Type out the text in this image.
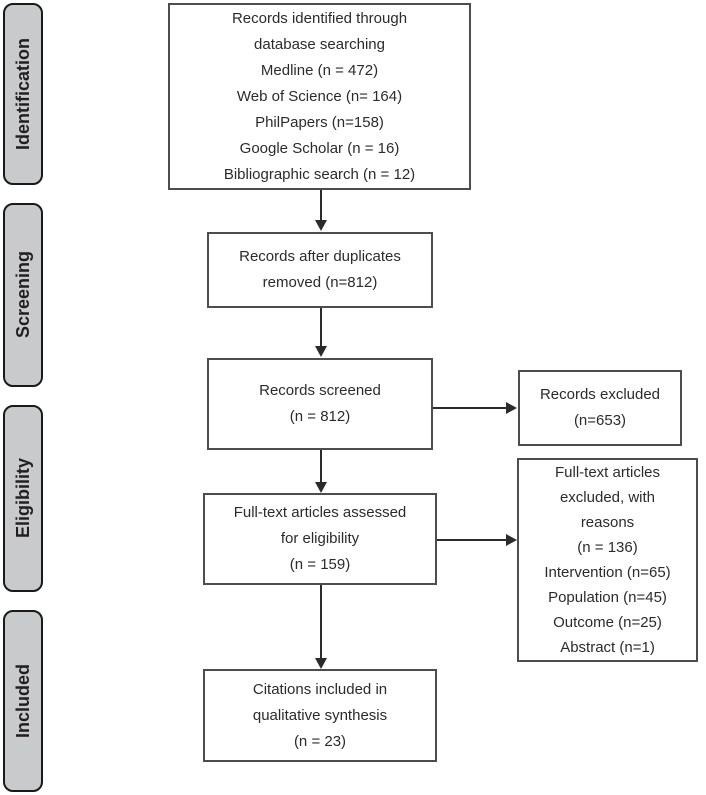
Identification
Screening
Eligibility
Included
Records identified through
database searching
Medline (n = 472)
Web of Science (n= 164)
PhilPapers (n=158)
Google Scholar (n = 16)
Bibliographic search (n = 12)
Records after duplicates
removed (n=812)
Records screened
(n = 812)
Records excluded
(n=653)
Full-text articles assessed
for eligibility
(n = 159)
Full-text articles
excluded, with
reasons
(n = 136)
Intervention (n=65)
Population (n=45)
Outcome (n=25)
Abstract (n=1)
Citations included in
qualitative synthesis
(n = 23)
